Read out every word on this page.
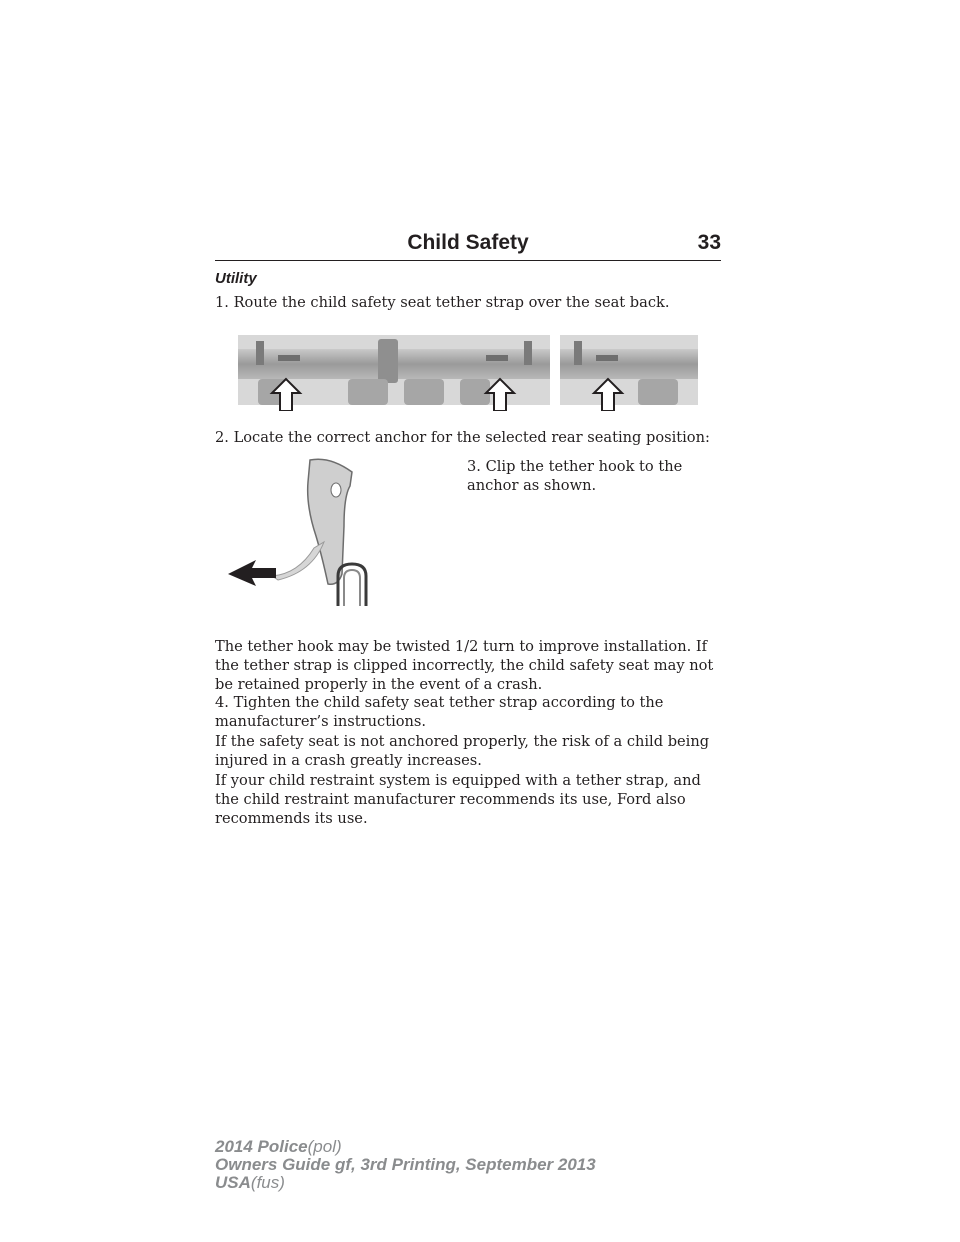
Child Safety	33
Utility

1. Route the child safety seat tether strap over the seat back.

2. Locate the correct anchor for the selected rear seating position:

3. Clip the tether hook to the

anchor as shown.

The tether hook may be twisted 1/2 turn to improve installation. If the tether strap is clipped incorrectly, the child safety seat may not be retained properly in the event of a crash.

4. Tighten the child safety seat tether strap according to the manufacturer’s instructions.

If the safety seat is not anchored properly, the risk of a child being injured in a crash greatly increases.

If your child restraint system is equipped with a tether strap, and the child restraint manufacturer recommends its use, Ford also recommends its use.

2014 Police(pol)
Owners Guide gf, 3rd Printing, September 2013
USA(fus)
